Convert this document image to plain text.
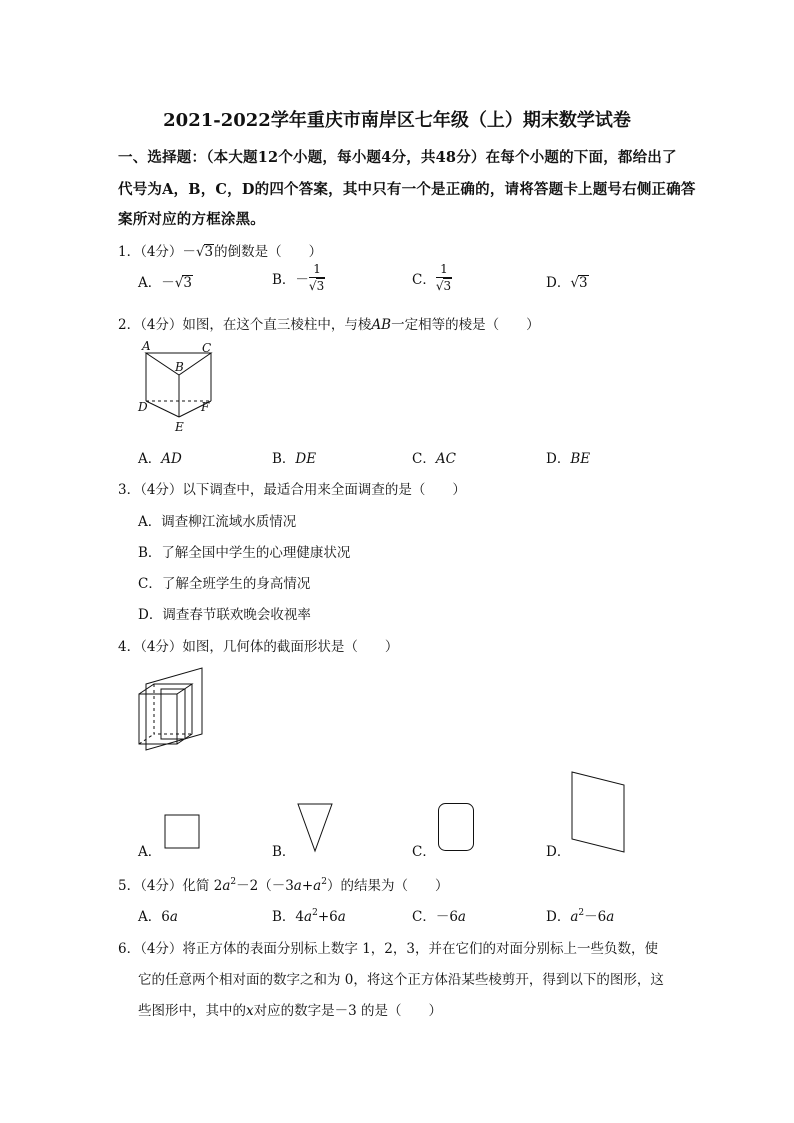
2021-2022学年重庆市南岸区七年级（上）期末数学试卷
一、选择题：（本大题12个小题，每小题4分，共48分）在每个小题的下面，都给出了
代号为A，B，C，D的四个答案，其中只有一个是正确的，请将答题卡上题号右侧正确答
案所对应的方框涂黑。
1．（4分）－√3的倒数是（　　）
A．－√3	B．－ $\frac{1}{√3}$	C． $\frac{1}{√3}$	D．√3
2．（4分）如图，在这个直三棱柱中，与棱AB一定相等的棱是（　　）
A
B
C
D
E
F
A．AD	B．DE	C．AC	D．BE
3．（4分）以下调查中，最适合用来全面调查的是（　　）
A．调查柳江流域水质情况
B．了解全国中学生的心理健康状况
C．了解全班学生的身高情况
D．调查春节联欢晚会收视率
4．（4分）如图，几何体的截面形状是（　　）
A．	B．	C．	D．
5．（4分）化简 $2a^2-2(-3a+a^2)$的结果为（　　）
A．6a	B．$4a^2+6a$	C．－6a	D．$a^2-6a$
6．（4分）将正方体的表面分别标上数字 1，2，3，并在它们的对面分别标上一些负数，使
它的任意两个相对面的数字之和为 0，将这个正方体沿某些棱剪开，得到以下的图形，这
些图形中，其中的x对应的数字是－3 的是（　　）
